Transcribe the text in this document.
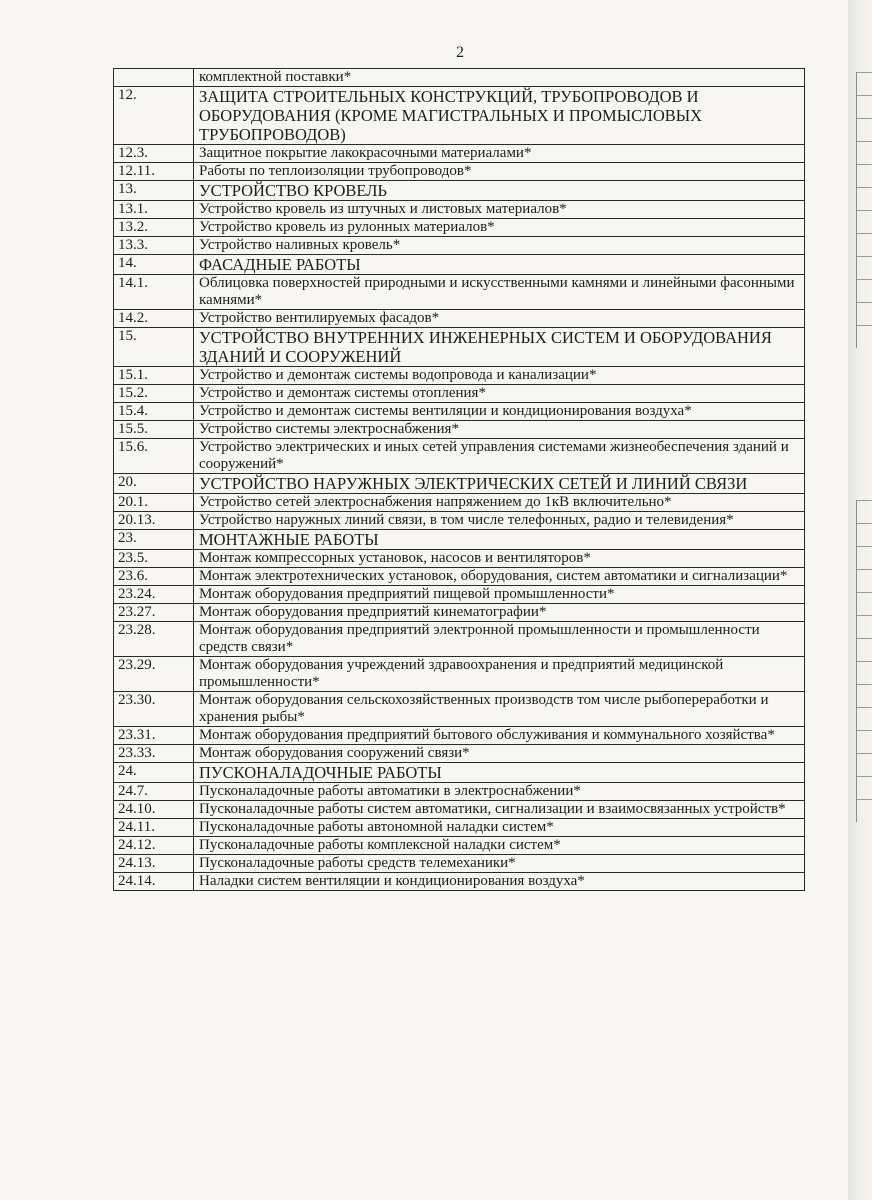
2
	комплектной поставки*
12.	ЗАЩИТА СТРОИТЕЛЬНЫХ КОНСТРУКЦИЙ, ТРУБОПРОВОДОВ И ОБОРУДОВАНИЯ (КРОМЕ МАГИСТРАЛЬНЫХ И ПРОМЫСЛОВЫХ ТРУБОПРОВОДОВ)
12.3.	Защитное покрытие лакокрасочными материалами*
12.11.	Работы по теплоизоляции трубопроводов*
13.	УСТРОЙСТВО КРОВЕЛЬ
13.1.	Устройство кровель из штучных и листовых материалов*
13.2.	Устройство кровель из рулонных материалов*
13.3.	Устройство наливных кровель*
14.	ФАСАДНЫЕ РАБОТЫ
14.1.	Облицовка поверхностей природными и искусственными камнями и линейными фасонными камнями*
14.2.	Устройство вентилируемых фасадов*
15.	УСТРОЙСТВО ВНУТРЕННИХ ИНЖЕНЕРНЫХ СИСТЕМ И ОБОРУДОВАНИЯ ЗДАНИЙ И СООРУЖЕНИЙ
15.1.	Устройство и демонтаж системы водопровода и канализации*
15.2.	Устройство и демонтаж системы отопления*
15.4.	Устройство и демонтаж системы вентиляции и кондиционирования воздуха*
15.5.	Устройство системы электроснабжения*
15.6.	Устройство электрических и иных сетей управления системами жизнеобеспечения зданий и сооружений*
20.	УСТРОЙСТВО НАРУЖНЫХ ЭЛЕКТРИЧЕСКИХ СЕТЕЙ И ЛИНИЙ СВЯЗИ
20.1.	Устройство сетей электроснабжения напряжением до 1кВ включительно*
20.13.	Устройство наружных линий связи, в том числе телефонных, радио и телевидения*
23.	МОНТАЖНЫЕ РАБОТЫ
23.5.	Монтаж компрессорных установок, насосов и вентиляторов*
23.6.	Монтаж электротехнических установок, оборудования, систем автоматики и сигнализации*
23.24.	Монтаж оборудования предприятий пищевой промышленности*
23.27.	Монтаж оборудования предприятий кинематографии*
23.28.	Монтаж оборудования предприятий электронной промышленности и промышленности средств связи*
23.29.	Монтаж оборудования учреждений здравоохранения и предприятий медицинской промышленности*
23.30.	Монтаж оборудования сельскохозяйственных производств том числе рыбопереработки и хранения рыбы*
23.31.	Монтаж оборудования предприятий бытового обслуживания и коммунального хозяйства*
23.33.	Монтаж оборудования сооружений связи*
24.	ПУСКОНАЛАДОЧНЫЕ РАБОТЫ
24.7.	Пусконаладочные работы автоматики в электроснабжении*
24.10.	Пусконаладочные работы систем автоматики, сигнализации и взаимосвязанных устройств*
24.11.	Пусконаладочные работы автономной наладки систем*
24.12.	Пусконаладочные работы комплексной наладки систем*
24.13.	Пусконаладочные работы средств телемеханики*
24.14.	Наладки систем вентиляции и кондиционирования воздуха*
